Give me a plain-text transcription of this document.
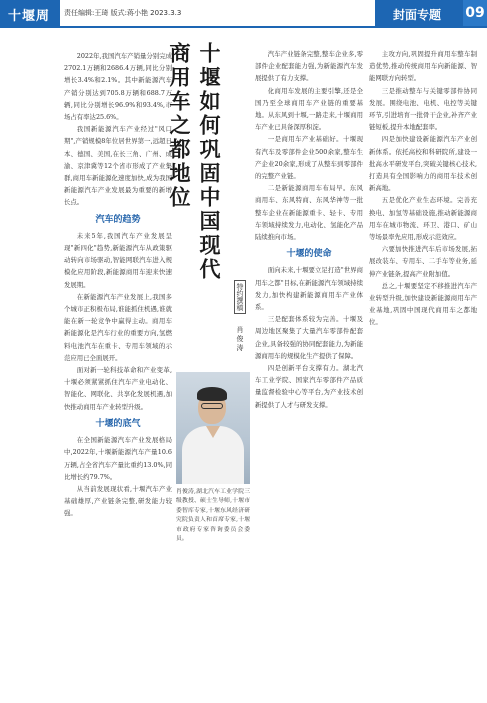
十堰周刊
责任编辑:王琦 版式:蒋小艳 2023.3.3	封面专题 09

2022年,我国汽车产销量分别完成2702.1万辆和2686.4万辆,同比分别增长3.4%和2.1%。其中新能源汽车产销分别达到705.8万辆和688.7万辆,同比分别增长96.9%和93.4%,市场占有率达25.6%。

我国新能源汽车产业经过"风口期",产销规模8年位居世界第一,远超日本、德国、美国,在长三角、广州、成渝、京津冀等12个省市形成了产业集群,商用车新能源化速度加快,成为我国新能源汽车产业发展最为重要的新增长点。

汽车的趋势

未来5年,我国汽车产业发展呈现"新四化"趋势,新能源汽车从政策驱动转向市场驱动,智能网联汽车进入规模化应用阶段,新能源商用车迎来快速发展期。

在新能源汽车产业发展上,我国多个城市正积极布局,谁能抓住机遇,谁就能在新一轮竞争中赢得主动。商用车新能源化是汽车行业的重要方向,氢燃料电池汽车在重卡、专用车领域的示范应用已全面展开。

面对新一轮科技革命和产业变革,十堰必须紧紧抓住汽车产业电动化、智能化、网联化、共享化发展机遇,加快推动商用车产业转型升级。

十堰的底气

在全国新能源汽车产业发展格局中,2022年,十堰新能源汽车产量10.6万辆,占全省汽车产量比重约13.0%,同比增长约79.7%。

从当前发展现状看,十堰汽车产业基础雄厚,产业链条完整,研发能力较强。

十堰如何巩固中国现代商用车之都地位
特约撰稿 肖俊涛

肖俊涛,湖北汽车工业学院三级教授、硕士生导师,十堰市委智库专家,十堰东风经济研究院负责人和首席专家,十堰市政府专家咨询委员会委员。

汽车产业链条完整,整车企业多,零部件企业配套能力强,为新能源汽车发展提供了有力支撑。

化商用车发展的主要引擎,还是全国乃至全球商用车产业链的重要基地。从东风到十堰,一路走来,十堰商用车产业已具备深厚积淀。

一是商用车产业基础好。十堰现有汽车及零部件企业500余家,整车生产企业20余家,形成了从整车到零部件的完整产业链。

二是新能源商用车布局早。东风商用车、东风特商、东风华神等一批整车企业在新能源重卡、轻卡、专用车领域持续发力,电动化、氢能化产品陆续推向市场。

十堰的使命

面向未来,十堰要立足打造"世界商用车之都"目标,在新能源汽车领域持续发力,加快构建新能源商用车产业体系。

三是配套体系较为完善。十堰及周边地区聚集了大量汽车零部件配套企业,具备较强的协同配套能力,为新能源商用车的规模化生产提供了保障。

四是创新平台支撑有力。湖北汽车工业学院、国家汽车零部件产品质量监督检验中心等平台,为产业技术创新提供了人才与研发支撑。

主攻方向,巩固提升商用车整车制造优势,推动传统商用车向新能源、智能网联方向转型。

三是推动整车与关键零部件协同发展。围绕电池、电机、电控等关键环节,引进培育一批骨干企业,补齐产业链短板,提升本地配套率。

四是加快建设新能源汽车产业创新体系。依托高校和科研院所,建设一批高水平研发平台,突破关键核心技术,打造具有全国影响力的商用车技术创新高地。

五是优化产业生态环境。完善充换电、加氢等基础设施,推动新能源商用车在城市物流、环卫、港口、矿山等场景率先应用,形成示范效应。

六要加快推进汽车后市场发展,拓展改装车、专用车、二手车等业务,延伸产业链条,提高产业附加值。

总之,十堰要坚定不移推进汽车产业转型升级,加快建设新能源商用车产业基地,巩固中国现代商用车之都地位。
